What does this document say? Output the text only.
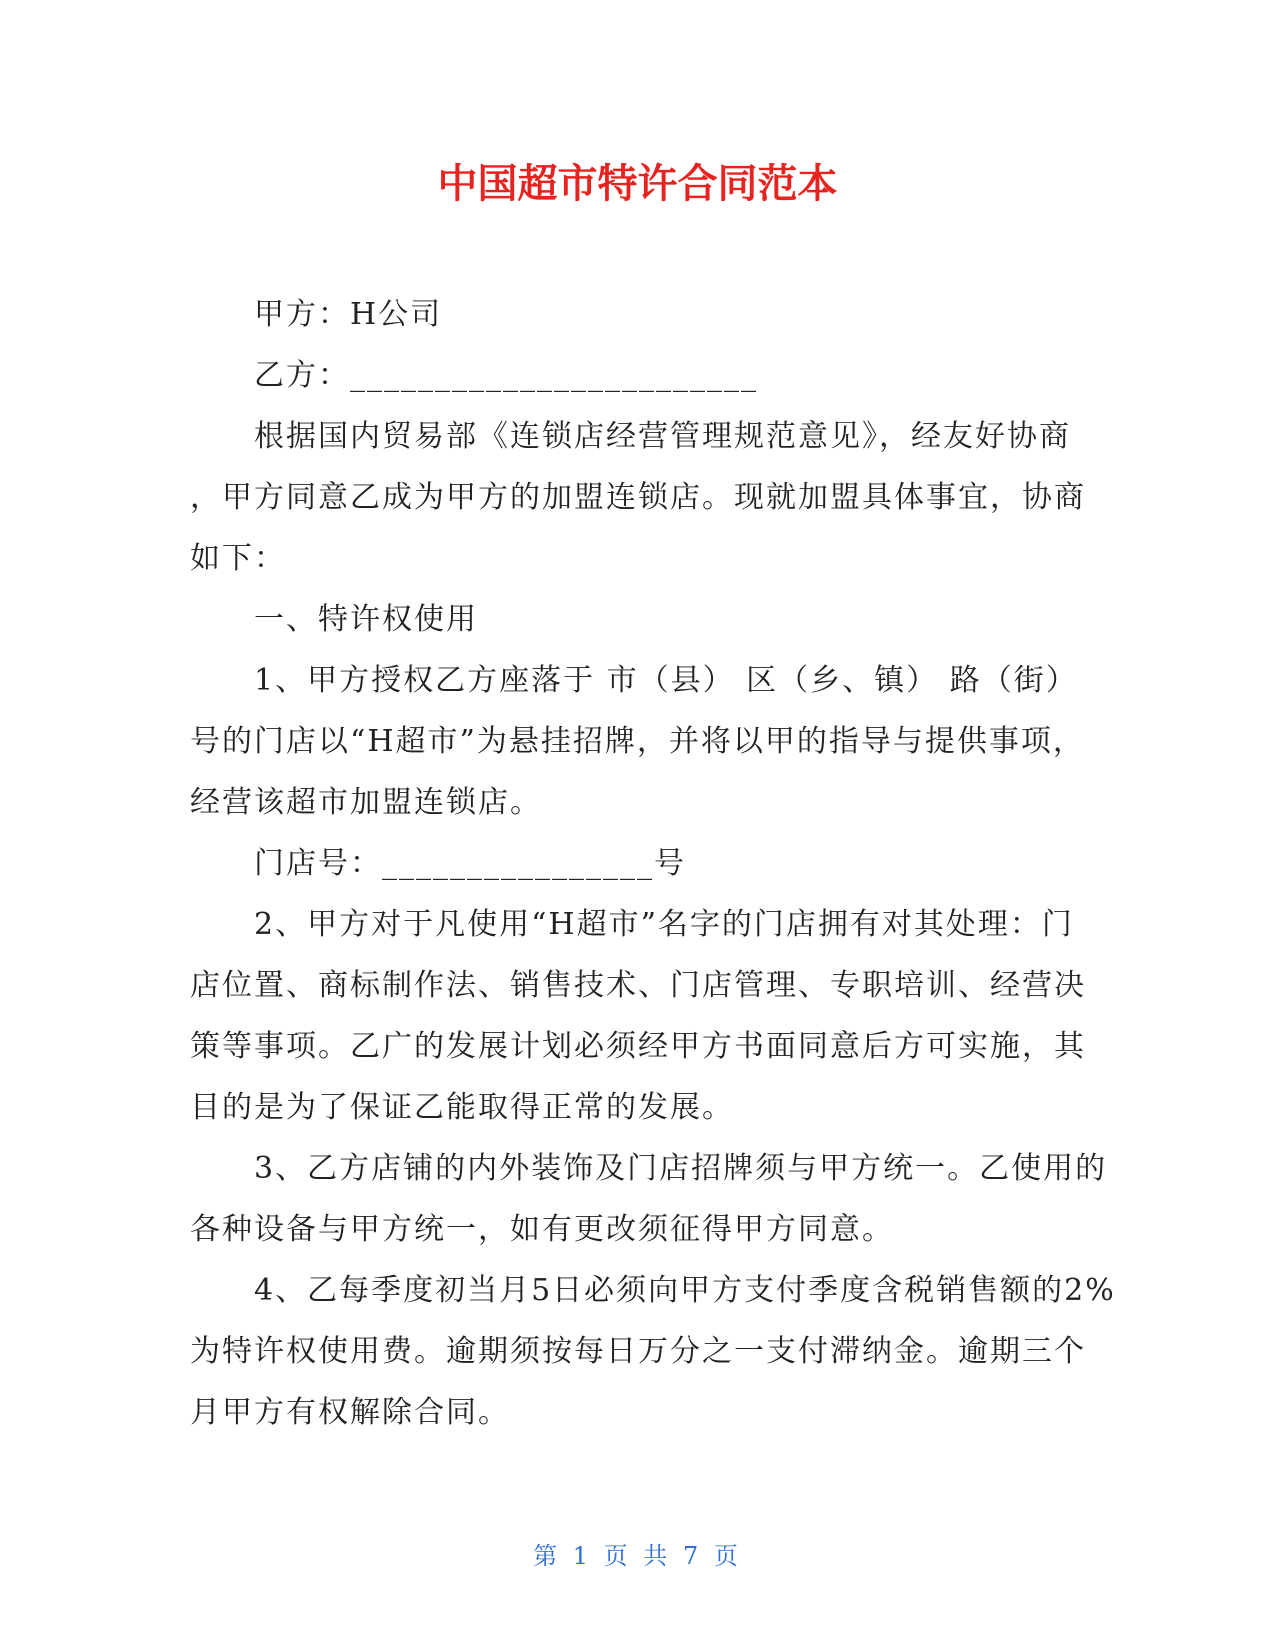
中国超市特许合同范本
甲方：H公司
乙方：________________________
根据国内贸易部《连锁店经营管理规范意见》，经友好协商
，甲方同意乙成为甲方的加盟连锁店。现就加盟具体事宜，协商
如下：
一、特许权使用
1、甲方授权乙方座落于 市（县） 区（乡、镇） 路（街）
号的门店以“H超市”为悬挂招牌，并将以甲的指导与提供事项，
经营该超市加盟连锁店。
门店号：________________号
2、甲方对于凡使用“H超市”名字的门店拥有对其处理：门
店位置、商标制作法、销售技术、门店管理、专职培训、经营决
策等事项。乙广的发展计划必须经甲方书面同意后方可实施，其
目的是为了保证乙能取得正常的发展。
3、乙方店铺的内外装饰及门店招牌须与甲方统一。乙使用的
各种设备与甲方统一，如有更改须征得甲方同意。
4、乙每季度初当月5日必须向甲方支付季度含税销售额的2%
为特许权使用费。逾期须按每日万分之一支付滞纳金。逾期三个
月甲方有权解除合同。
第 1 页 共 7 页
